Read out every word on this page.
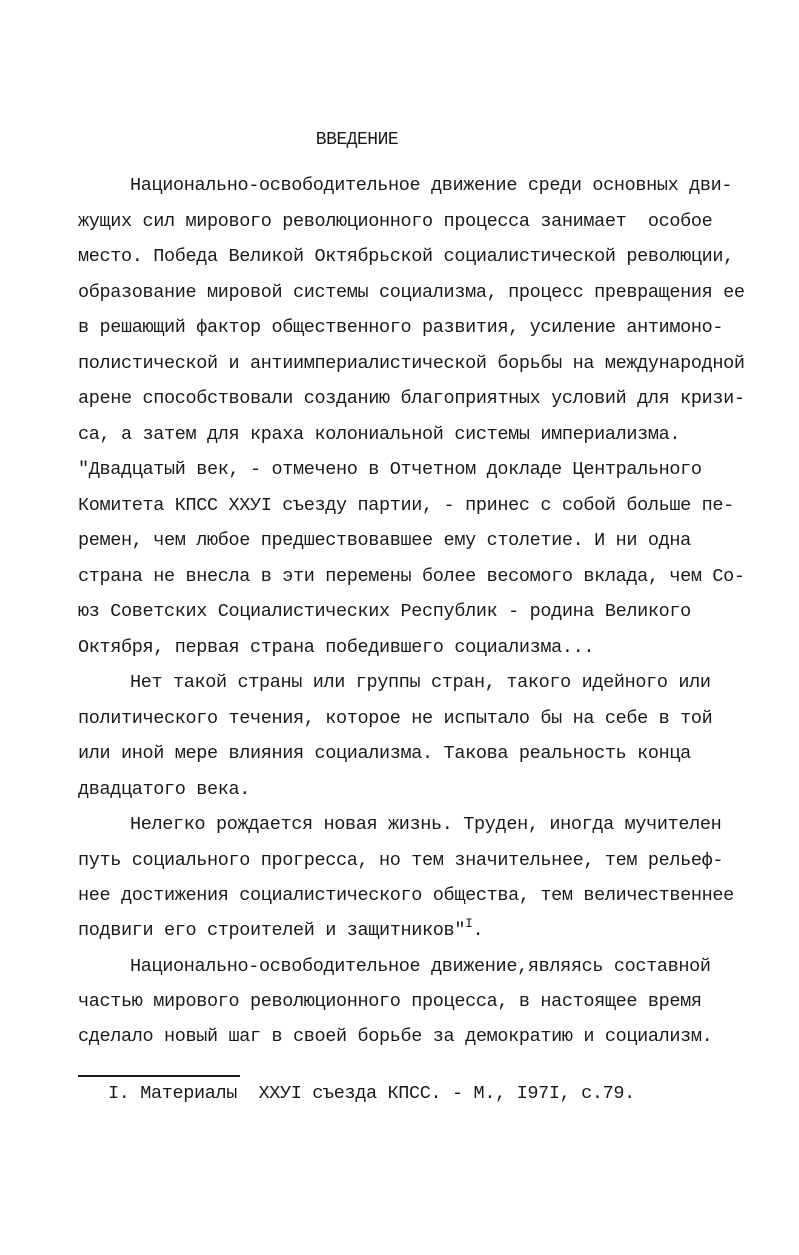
ВВЕДЕНИЕ
Национально-освободительное движение среди основных дви-
жущих сил мирового революционного процесса занимает  особое
место. Победа Великой Октябрьской социалистической революции,
образование мировой системы социализма, процесс превращения ее
в решающий фактор общественного развития, усиление антимоно-
полистической и антиимпериалистической борьбы на международной
арене способствовали созданию благоприятных условий для кризи-
са, а затем для краха колониальной системы империализма.
"Двадцатый век, - отмечено в Отчетном докладе Центрального
Комитета КПСС ХХУI съезду партии, - принес с собой больше пе-
ремен, чем любое предшествовавшее ему столетие. И ни одна
страна не внесла в эти перемены более весомого вклада, чем Со-
юз Советских Социалистических Республик - родина Великого
Октября, первая страна победившего социализма...
Нет такой страны или группы стран, такого идейного или
политического течения, которое не испытало бы на себе в той
или иной мере влияния социализма. Такова реальность конца
двадцатого века.
Нелегко рождается новая жизнь. Труден, иногда мучителен
путь социального прогресса, но тем значительнее, тем рельеф-
нее достижения социалистического общества, тем величественнее
подвиги его строителей и защитников"$^I$.
Национально-освободительное движение,являясь составной
частью мирового революционного процесса, в настоящее время
сделало новый шаг в своей борьбе за демократию и социализм.
I. Материалы  ХХУI съезда КПСС. - М., I97I, с.79.
